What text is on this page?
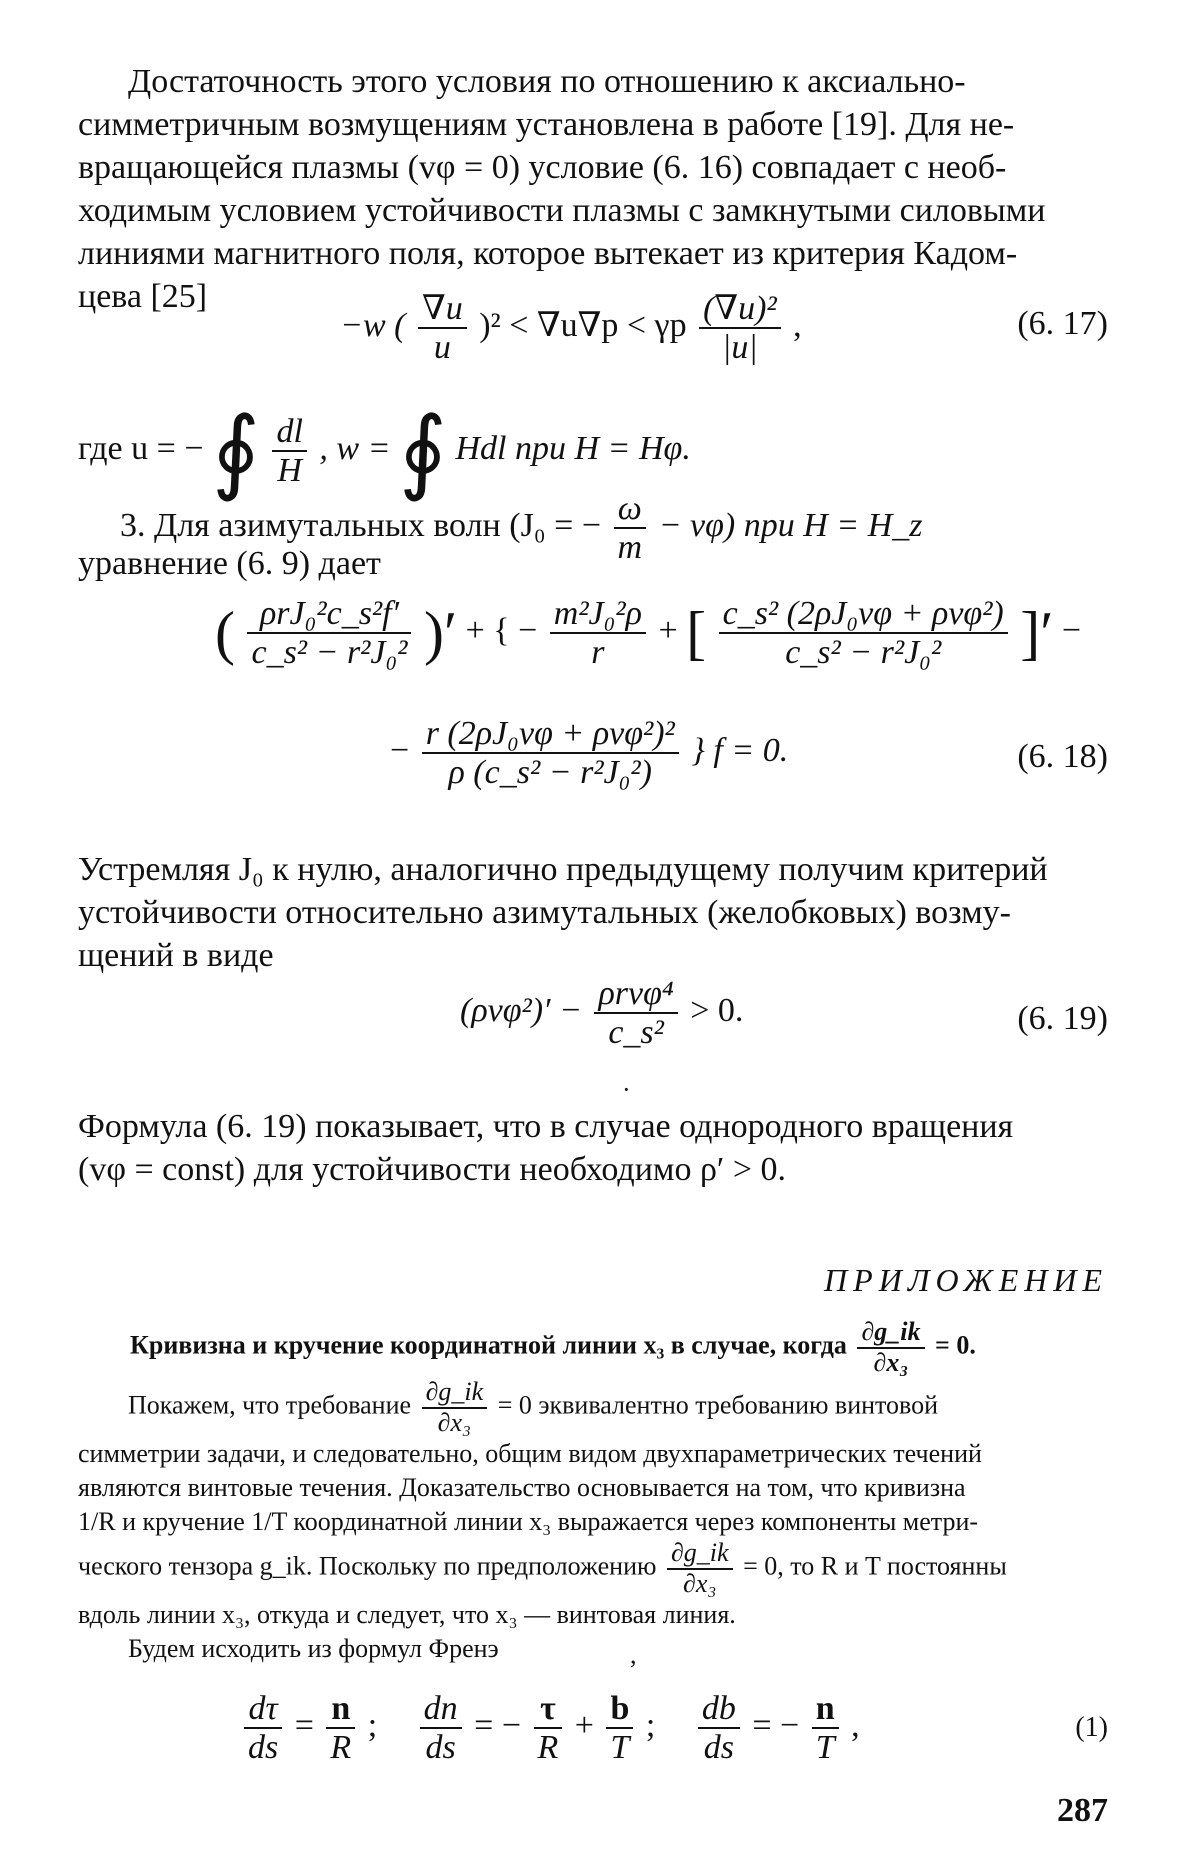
Достаточность этого условия по отношению к аксиально-
симметричным возмущениям установлена в работе [19]. Для не-
вращающейся плазмы (vφ = 0) условие (6. 16) совпадает с необ-
ходимым условием устойчивости плазмы с замкнутыми силовыми
линиями магнитного поля, которое вытекает из критерия Кадом-
цева [25]
−w ( $\frac{\nabla u}{u} )^2 < \nabla u\nabla p < \gamma p \frac{\text{(∇u)²}}{|u|}$ ,	(6. 17)
где u = − ∮ $\frac{dl}{H}$ , w = ∮ Hdl при H = Hφ.
3. Для азимутальных волн (J₀ = − $\frac{\omega}{m} - v\varphi$) при H = H_z
уравнение (6. 9) дает
( $\frac{\text{ρrJ₀²c\_s²f′}}{\text{c\_s² − r²J₀²}}$ )′ + { − $\frac{\text{m²J₀²ρ}}{r}$ + [ $\frac{\text{c\_s² (2ρJ₀vφ + ρvφ²)}}{\text{c\_s² − r²J₀²}}$ ]′ −
− $\frac{\text{r (2ρJ₀vφ + ρvφ²)²}}{\text{ρ (c\_s² − r²J₀²)}}$ } f = 0.	(6. 18)
Устремляя J₀ к нулю, аналогично предыдущему получим критерий
устойчивости относительно азимутальных (желобковых) возму-
щений в виде
$(\rho v\varphi^2)' - \frac{\text{ρrvφ⁴}}{\text{c\_s²}} > 0$.	(6. 19)
·
Формула (6. 19) показывает, что в случае однородного вращения
(vφ = const) для устойчивости необходимо ρ′ > 0.
ПРИЛОЖЕНИЕ
Кривизна и кручение координатной линии x₃ в случае, когда $\frac{\partial g\_ik}{\text{∂x₃}} = 0$.
Покажем, что требование $\frac{\partial g\_ik}{\text{∂x₃}} = 0$ эквивалентно требованию винтовой
симметрии задачи, и следовательно, общим видом двухпараметрических течений
являются винтовые течения. Доказательство основывается на том, что кривизна
1/R и кручение 1/T координатной линии x₃ выражается через компоненты метри-
ческого тензора g_ik. Поскольку по предположению $\frac{\partial g\_ik}{\text{∂x₃}} = 0$, то R и T постоянны
вдоль линии x₃, откуда и следует, что x₃ — винтовая линия.
Будем исходить из формул Френэ	,
$\frac{d\tau}{ds} = \frac{n}{R}$ ; $\frac{dn}{ds}$ = − $\frac{\tau}{R} + \frac{b}{T}$ ; $\frac{db}{ds}$ = − $\frac{n}{T}$ ,	(1)
287
